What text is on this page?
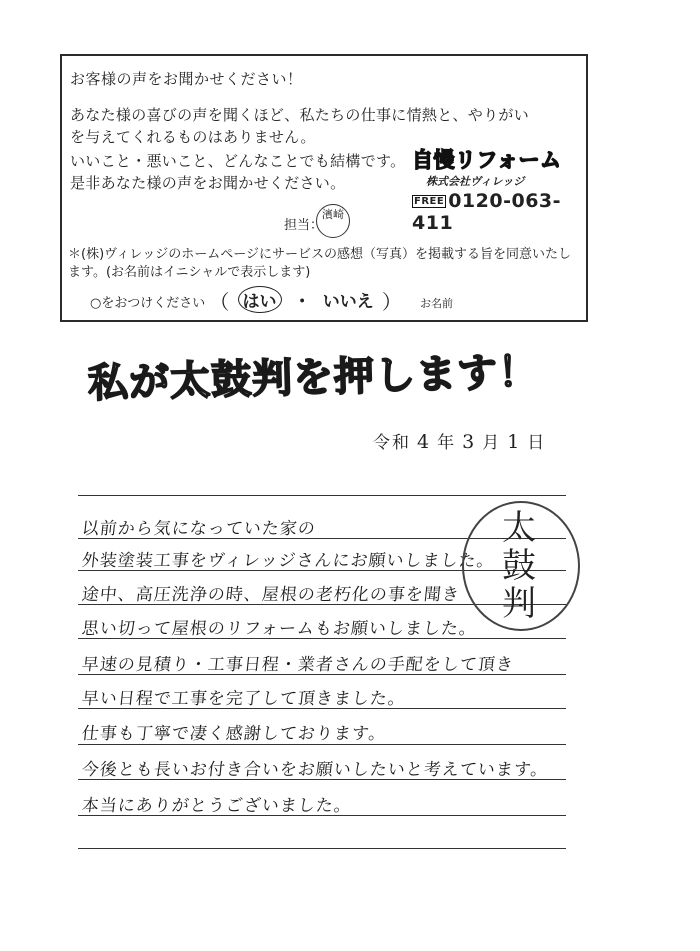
お客様の声をお聞かせください！
あなた様の喜びの声を聞くほど、私たちの仕事に情熱と、やりがい
を与えてくれるものはありません。
いいこと・悪いこと、どんなことでも結構です。
是非あなた様の声をお聞かせください。
自慢リフォーム
株式会社ヴィレッジ
FREE 0120-063-411
担当：
濱崎
＊(株)ヴィレッジのホームページにサービスの感想（写真）を掲載する旨を同意いたします。(お名前はイニシャルで表示します)
○をおつけください （ はい ・ いいえ ） お名前
私が太鼓判を押します！
令和 4 年 3 月 1 日
以前から気になっていた家の
外装塗装工事をヴィレッジさんにお願いしました。
途中、高圧洗浄の時、屋根の老朽化の事を聞き
思い切って屋根のリフォームもお願いしました。
早速の見積り・工事日程・業者さんの手配をして頂き
早い日程で工事を完了して頂きました。
仕事も丁寧で凄く感謝しております。
今後とも長いお付き合いをお願いしたいと考えています。
本当にありがとうございました。
太
鼓
判
